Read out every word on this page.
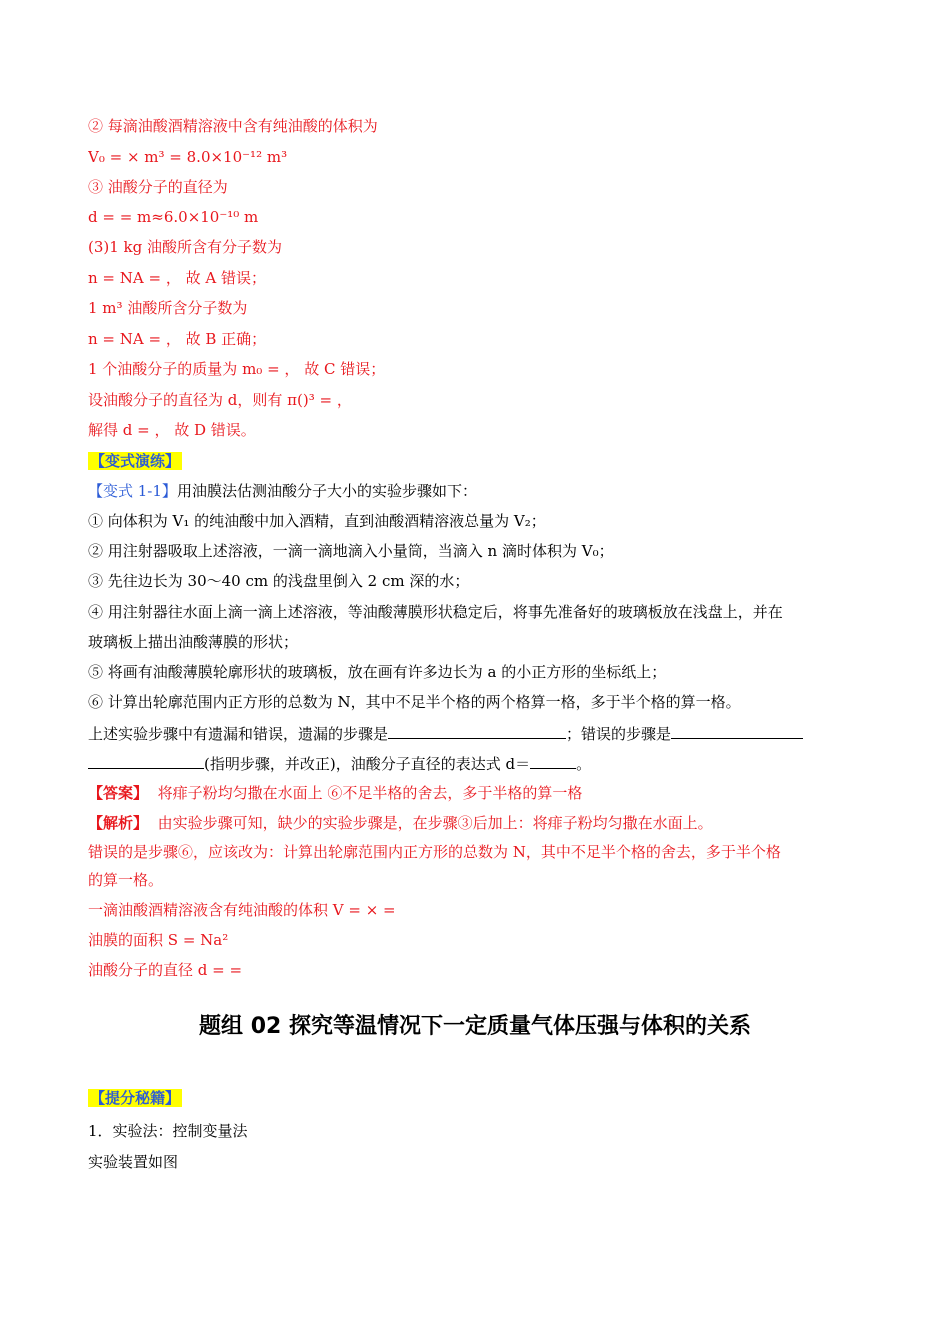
② 每滴油酸酒精溶液中含有纯油酸的体积为
V₀ = × m³ = 8.0×10⁻¹² m³
③ 油酸分子的直径为
d = = m≈6.0×10⁻¹⁰ m
(3)1 kg 油酸所含有分子数为
n = NA = ， 故 A 错误；
1 m³ 油酸所含分子数为
n = NA = ， 故 B 正确；
1 个油酸分子的质量为 m₀ = ， 故 C 错误；
设油酸分子的直径为 d，则有 π()³ = ，
解得 d = ， 故 D 错误。
【变式演练】
【变式 1-1】用油膜法估测油酸分子大小的实验步骤如下：
① 向体积为 V₁ 的纯油酸中加入酒精，直到油酸酒精溶液总量为 V₂；
② 用注射器吸取上述溶液，一滴一滴地滴入小量筒，当滴入 n 滴时体积为 V₀；
③ 先往边长为 30～40 cm 的浅盘里倒入 2 cm 深的水；
④ 用注射器往水面上滴一滴上述溶液，等油酸薄膜形状稳定后，将事先准备好的玻璃板放在浅盘上，并在
玻璃板上描出油酸薄膜的形状；
⑤ 将画有油酸薄膜轮廓形状的玻璃板，放在画有许多边长为 a 的小正方形的坐标纸上；
⑥ 计算出轮廓范围内正方形的总数为 N，其中不足半个格的两个格算一格，多于半个格的算一格。
上述实验步骤中有遗漏和错误，遗漏的步骤是	；错误的步骤是
(指明步骤，并改正)，油酸分子直径的表达式 d＝	。
【答案】 将痱子粉均匀撒在水面上 ⑥不足半格的舍去，多于半格的算一格
【解析】 由实验步骤可知，缺少的实验步骤是，在步骤③后加上：将痱子粉均匀撒在水面上。
错误的是步骤⑥，应该改为：计算出轮廓范围内正方形的总数为 N，其中不足半个格的舍去，多于半个格
的算一格。
一滴油酸酒精溶液含有纯油酸的体积 V = × =
油膜的面积 S = Na²
油酸分子的直径 d = =
题组 02 探究等温情况下一定质量气体压强与体积的关系
【提分秘籍】
1．实验法：控制变量法
实验装置如图
